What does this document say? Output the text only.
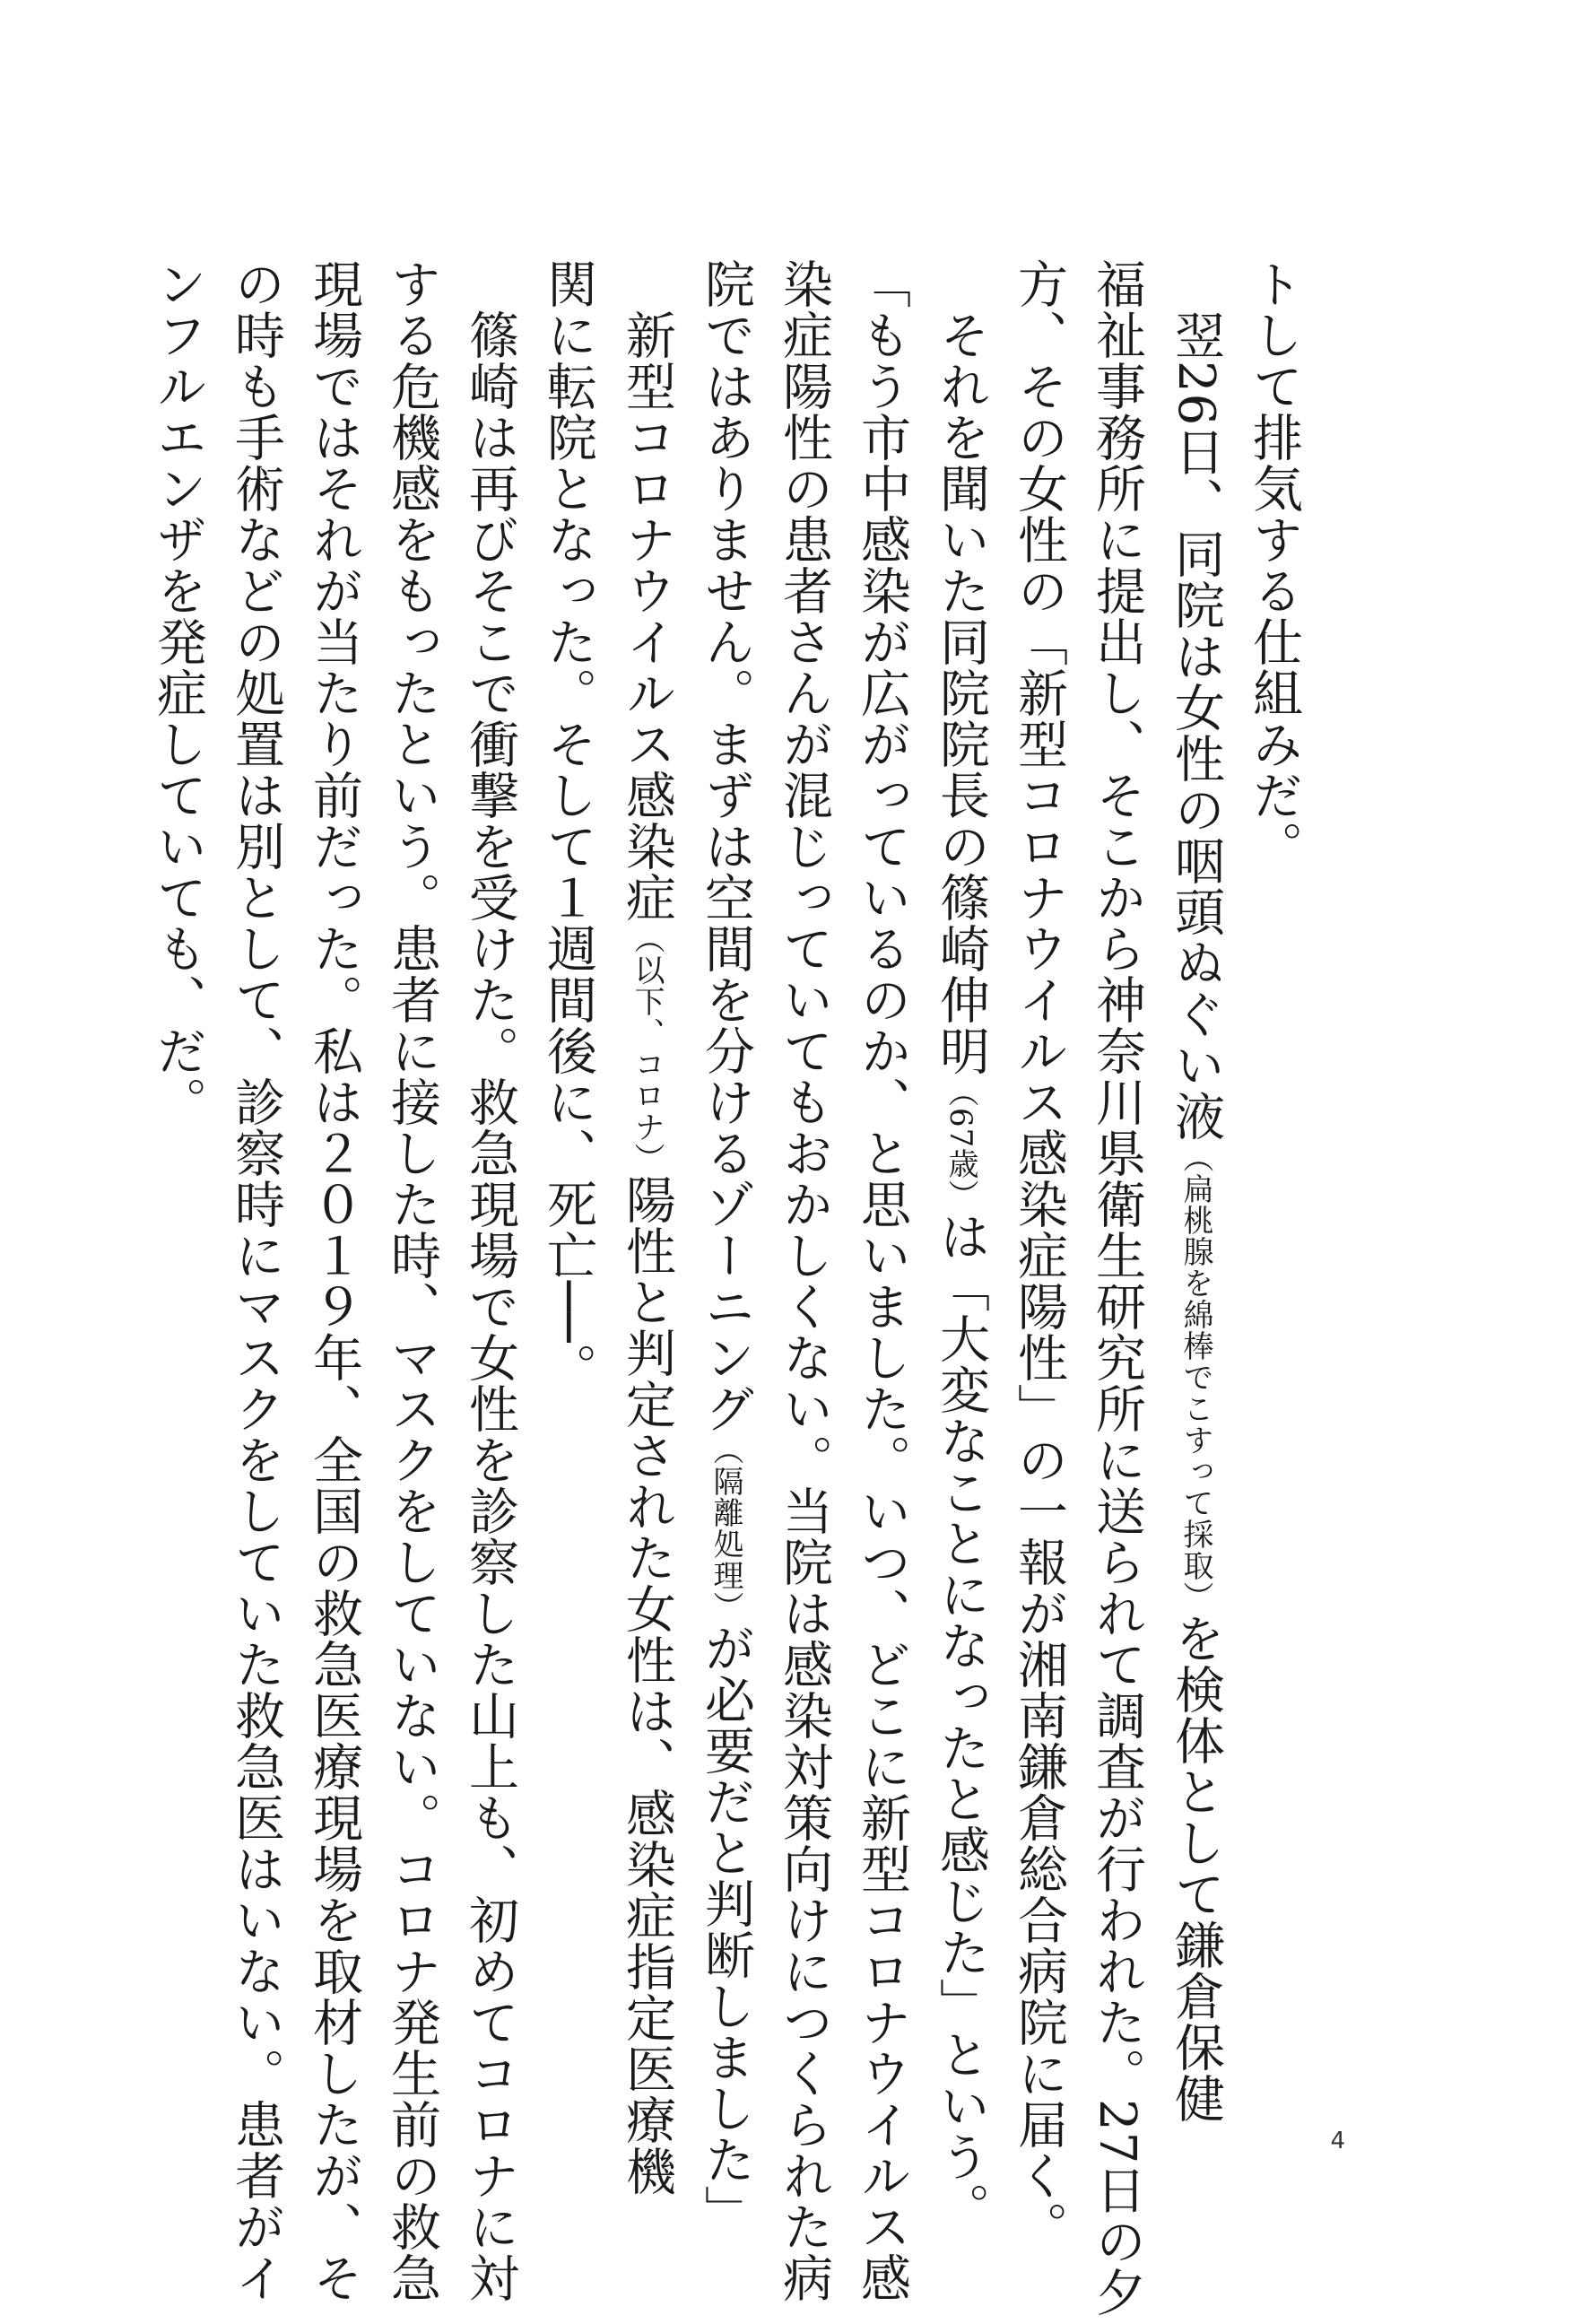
トして排気する仕組みだ。
　翌26日、同院は女性の咽頭ぬぐい液（扁桃腺を綿棒でこすって採取）を検体として鎌倉保健
福祉事務所に提出し、そこから神奈川県衛生研究所に送られて調査が行われた。27日の夕
方、その女性の「新型コロナウイルス感染症陽性」の一報が湘南鎌倉総合病院に届く。
　それを聞いた同院院長の篠崎伸明（67歳）は「大変なことになったと感じた」という。
「もう市中感染が広がっているのか、と思いました。いつ、どこに新型コロナウイルス感
染症陽性の患者さんが混じっていてもおかしくない。当院は感染対策向けにつくられた病
院ではありません。まずは空間を分けるゾーニング（隔離処理）が必要だと判断しました」
　新型コロナウイルス感染症（以下、コロナ）陽性と判定された女性は、感染症指定医療機
関に転院となった。そして１週間後に、死亡──。
　篠崎は再びそこで衝撃を受けた。救急現場で女性を診察した山上も、初めてコロナに対
する危機感をもったという。患者に接した時、マスクをしていない。コロナ発生前の救急
現場ではそれが当たり前だった。私は２０１９年、全国の救急医療現場を取材したが、そ
の時も手術などの処置は別として、診察時にマスクをしていた救急医はいない。患者がイ
ンフルエンザを発症していても、だ。
4
